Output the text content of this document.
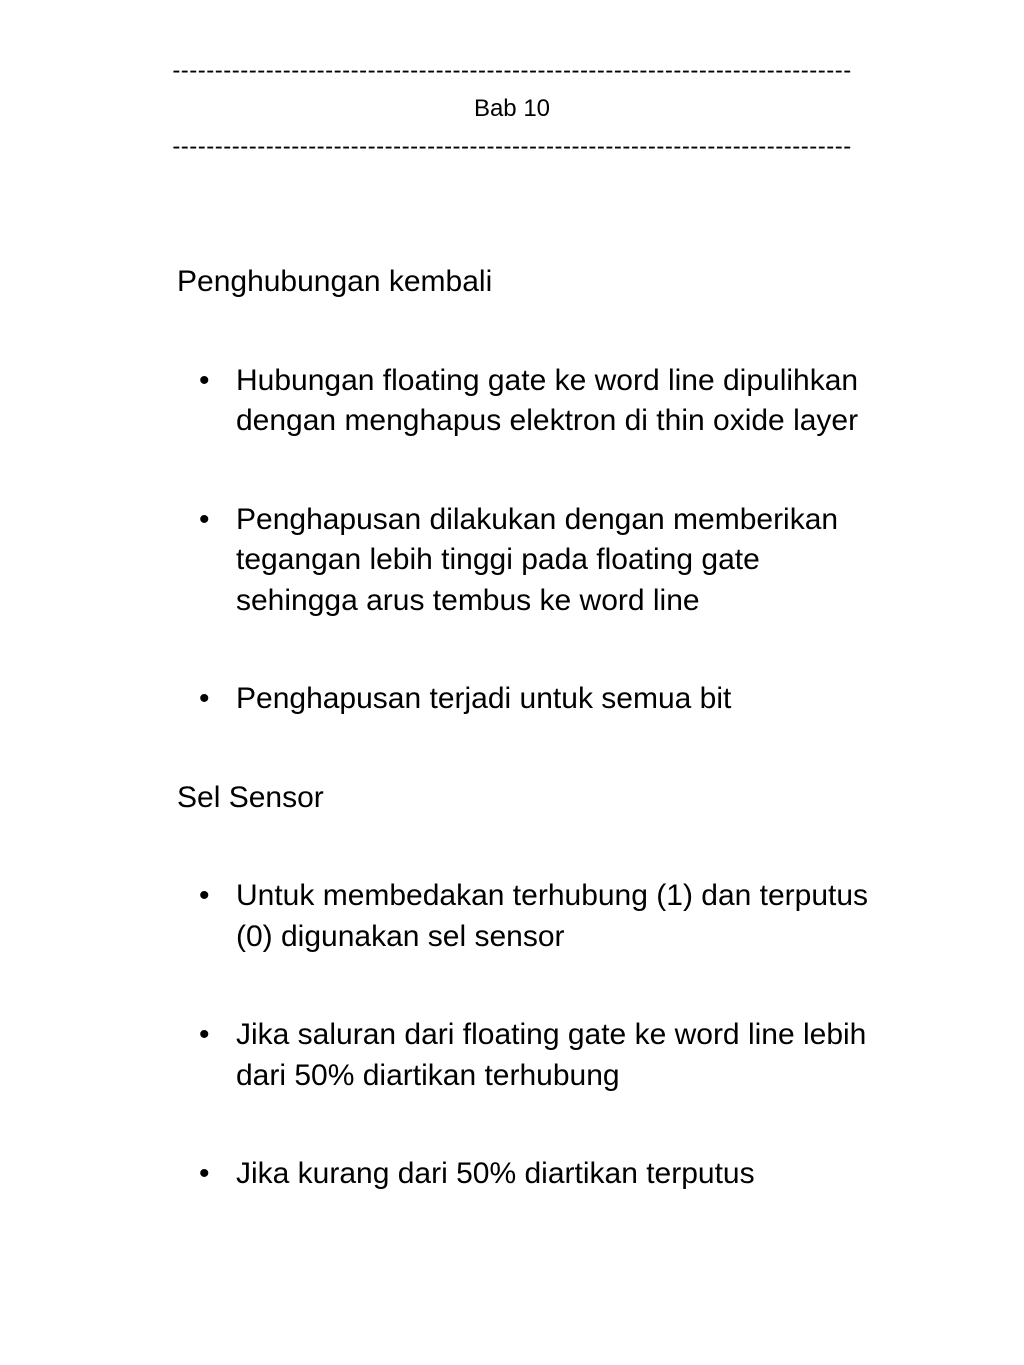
--------------------------------------------------------------------------------
Bab 10
--------------------------------------------------------------------------------
Penghubungan kembali
• Hubungan floating gate ke word line dipulihkan
dengan menghapus elektron di thin oxide layer
• Penghapusan dilakukan dengan memberikan
tegangan lebih tinggi pada floating gate
sehingga arus tembus ke word line
• Penghapusan terjadi untuk semua bit
Sel Sensor
• Untuk membedakan terhubung (1) dan terputus
(0) digunakan sel sensor
• Jika saluran dari floating gate ke word line lebih
dari 50% diartikan terhubung
• Jika kurang dari 50% diartikan terputus
